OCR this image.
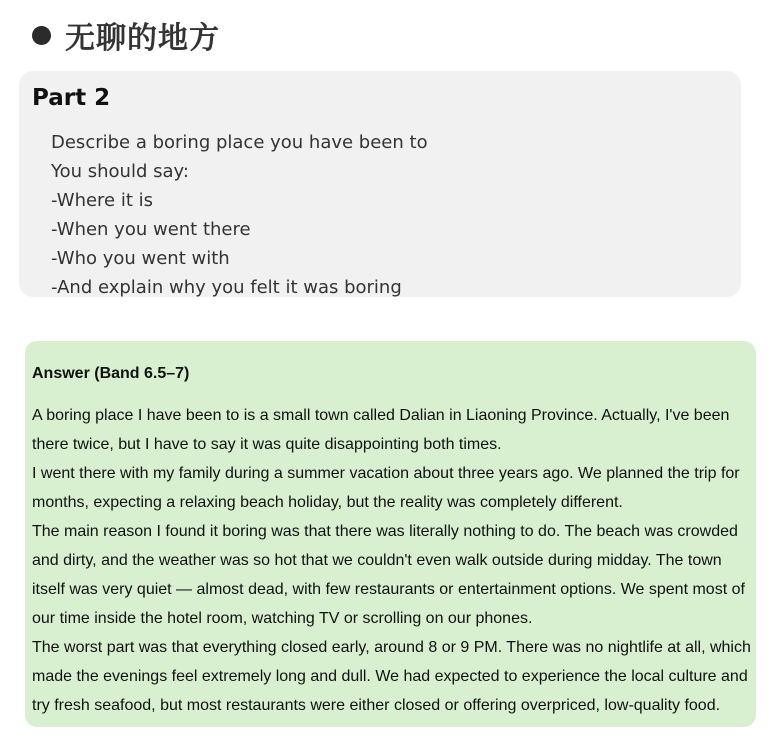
无聊的地方
Part 2
Describe a boring place you have been to
You should say:
-Where it is
-When you went there
-Who you went with
-And explain why you felt it was boring
Answer (Band 6.5–7)

A boring place I have been to is a small town called Dalian in Liaoning Province. Actually, I've been there twice, but I have to say it was quite disappointing both times.

I went there with my family during a summer vacation about three years ago. We planned the trip for months, expecting a relaxing beach holiday, but the reality was completely different.

The main reason I found it boring was that there was literally nothing to do. The beach was crowded and dirty, and the weather was so hot that we couldn't even walk outside during midday. The town itself was very quiet — almost dead, with few restaurants or entertainment options. We spent most of our time inside the hotel room, watching TV or scrolling on our phones.

The worst part was that everything closed early, around 8 or 9 PM. There was no nightlife at all, which made the evenings feel extremely long and dull. We had expected to experience the local culture and try fresh seafood, but most restaurants were either closed or offering overpriced, low-quality food.
